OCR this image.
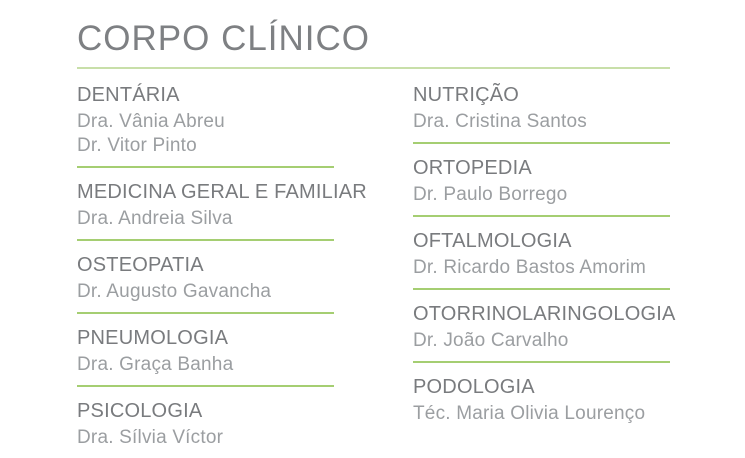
CORPO CLÍNICO
DENTÁRIA

Dra. Vânia Abreu

Dr. Vitor Pinto

MEDICINA GERAL E FAMILIAR

Dra. Andreia Silva

OSTEOPATIA

Dr. Augusto Gavancha

PNEUMOLOGIA

Dra. Graça Banha

PSICOLOGIA

Dra. Sílvia Víctor

NUTRIÇÃO

Dra. Cristina Santos

ORTOPEDIA

Dr. Paulo Borrego

OFTALMOLOGIA

Dr. Ricardo Bastos Amorim

OTORRINOLARINGOLOGIA

Dr. João Carvalho

PODOLOGIA

Téc. Maria Olivia Lourenço
